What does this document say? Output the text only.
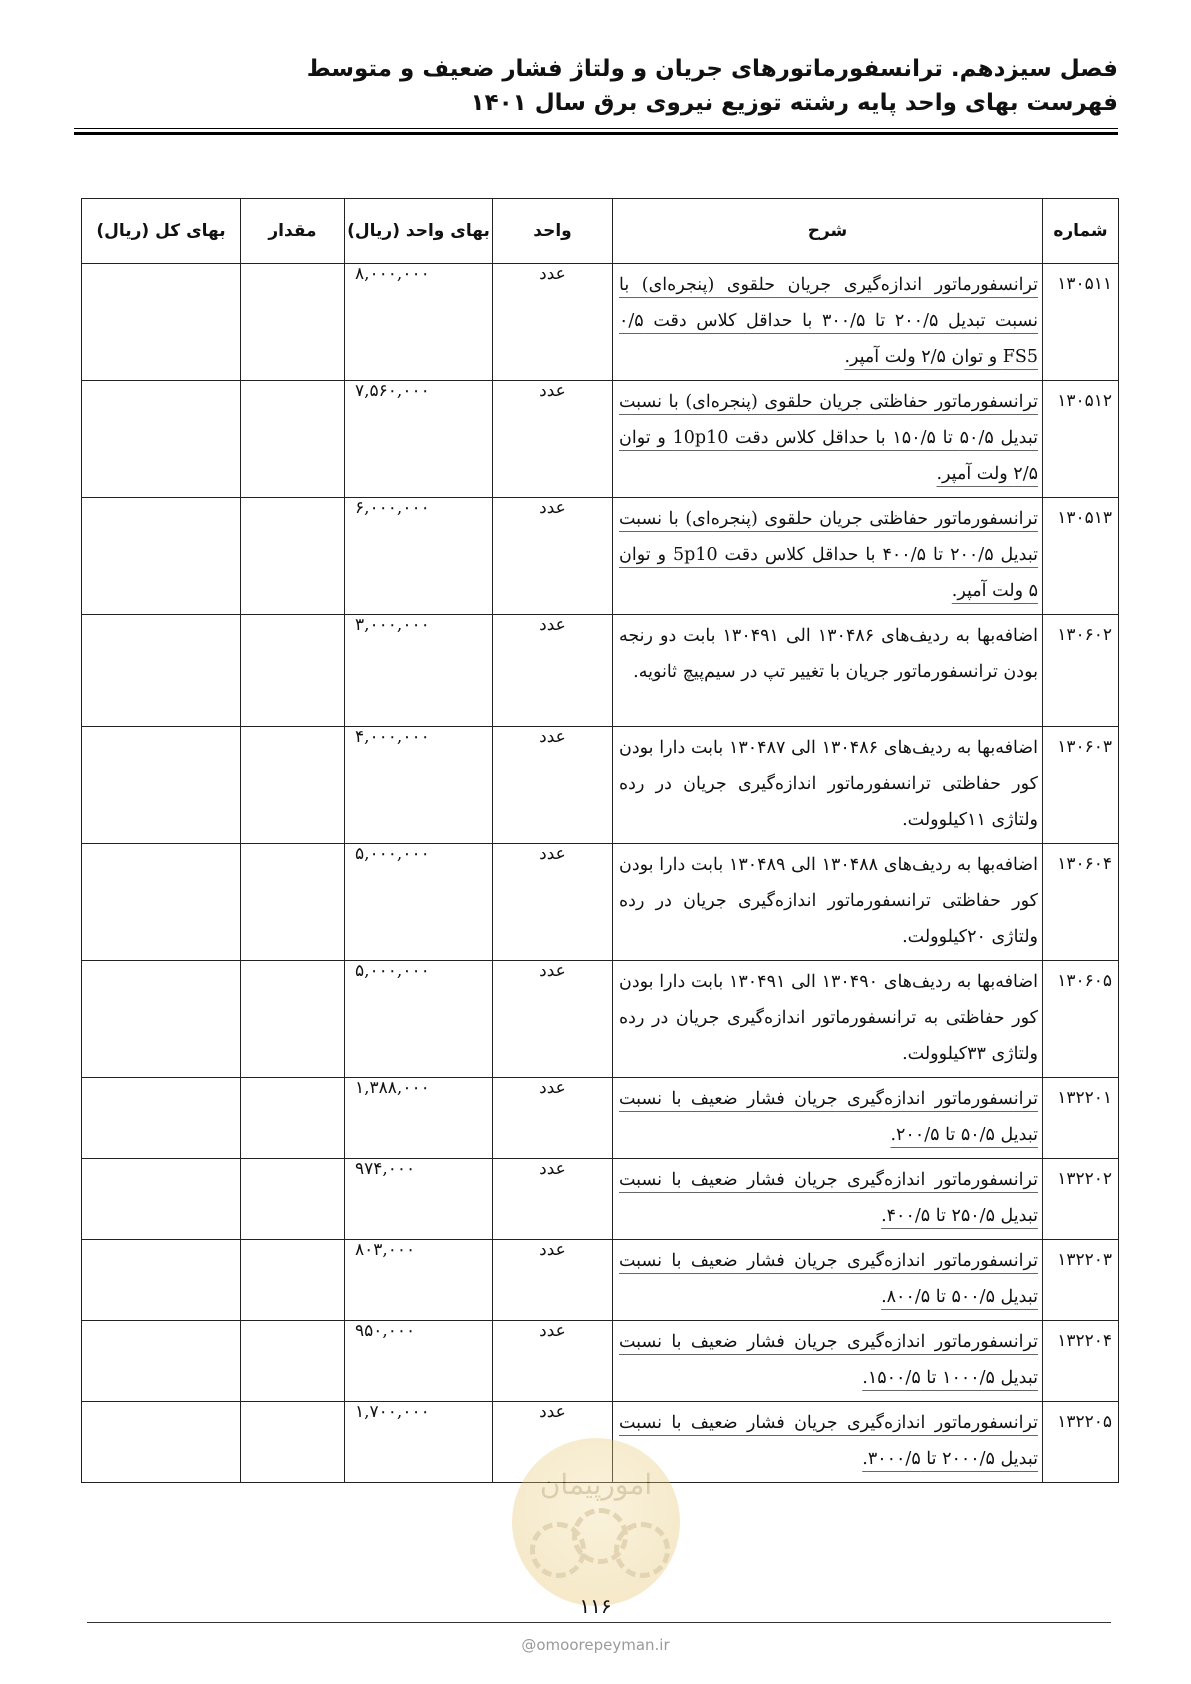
فصل سیزدهم. ترانسفورماتورهای جریان و ولتاژ فشار ضعیف و متوسط
فهرست بهای واحد پایه رشته توزیع نیروی برق سال ۱۴۰۱
شماره	شرح	واحد	بهای واحد (ریال)	مقدار	بهای کل (ریال)
۱۳۰۵۱۱	ترانسفورماتور اندازه‌گیری جریان حلقوی (پنجره‌ای) با نسبت تبدیل ۲۰۰/۵ تا ۳۰۰/۵ با حداقل کلاس دقت ۰/۵ FS5 و توان ۲/۵ ولت آمپر.	عدد	۸,۰۰۰,۰۰۰		
۱۳۰۵۱۲	ترانسفورماتور حفاظتی جریان حلقوی (پنجره‌ای) با نسبت تبدیل ۵۰/۵ تا ۱۵۰/۵ با حداقل کلاس دقت 10p10 و توان ۲/۵ ولت آمپر.	عدد	۷,۵۶۰,۰۰۰		
۱۳۰۵۱۳	ترانسفورماتور حفاظتی جریان حلقوی (پنجره‌ای) با نسبت تبدیل ۲۰۰/۵ تا ۴۰۰/۵ با حداقل کلاس دقت 5p10 و توان ۵ ولت آمپر.	عدد	۶,۰۰۰,۰۰۰		
۱۳۰۶۰۲	اضافه‌بها به ردیف‌های ۱۳۰۴۸۶ الی ۱۳۰۴۹۱ بابت دو رنجه بودن ترانسفورماتور جریان با تغییر تپ در سیم‌پیچ ثانویه.	عدد	۳,۰۰۰,۰۰۰		
۱۳۰۶۰۳	اضافه‌بها به ردیف‌های ۱۳۰۴۸۶ الی ۱۳۰۴۸۷ بابت دارا بودن کور حفاظتی ترانسفورماتور اندازه‌گیری جریان در رده ولتاژی ۱۱کیلوولت.	عدد	۴,۰۰۰,۰۰۰		
۱۳۰۶۰۴	اضافه‌بها به ردیف‌های ۱۳۰۴۸۸ الی ۱۳۰۴۸۹ بابت دارا بودن کور حفاظتی ترانسفورماتور اندازه‌گیری جریان در رده ولتاژی ۲۰کیلوولت.	عدد	۵,۰۰۰,۰۰۰		
۱۳۰۶۰۵	اضافه‌بها به ردیف‌های ۱۳۰۴۹۰ الی ۱۳۰۴۹۱ بابت دارا بودن کور حفاظتی به ترانسفورماتور اندازه‌گیری جریان در رده ولتاژی ۳۳کیلوولت.	عدد	۵,۰۰۰,۰۰۰		
۱۳۲۲۰۱	ترانسفورماتور اندازه‌گیری جریان فشار ضعیف با نسبت تبدیل ۵۰/۵ تا ۲۰۰/۵.	عدد	۱,۳۸۸,۰۰۰		
۱۳۲۲۰۲	ترانسفورماتور اندازه‌گیری جریان فشار ضعیف با نسبت تبدیل ۲۵۰/۵ تا ۴۰۰/۵.	عدد	۹۷۴,۰۰۰		
۱۳۲۲۰۳	ترانسفورماتور اندازه‌گیری جریان فشار ضعیف با نسبت تبدیل ۵۰۰/۵ تا ۸۰۰/۵.	عدد	۸۰۳,۰۰۰		
۱۳۲۲۰۴	ترانسفورماتور اندازه‌گیری جریان فشار ضعیف با نسبت تبدیل ۱۰۰۰/۵ تا ۱۵۰۰/۵.	عدد	۹۵۰,۰۰۰		
۱۳۲۲۰۵	ترانسفورماتور اندازه‌گیری جریان فشار ضعیف با نسبت تبدیل ۲۰۰۰/۵ تا ۳۰۰۰/۵.	عدد	۱,۷۰۰,۰۰۰		
امورپیمان
۱۱۶
@omoorepeyman.ir
